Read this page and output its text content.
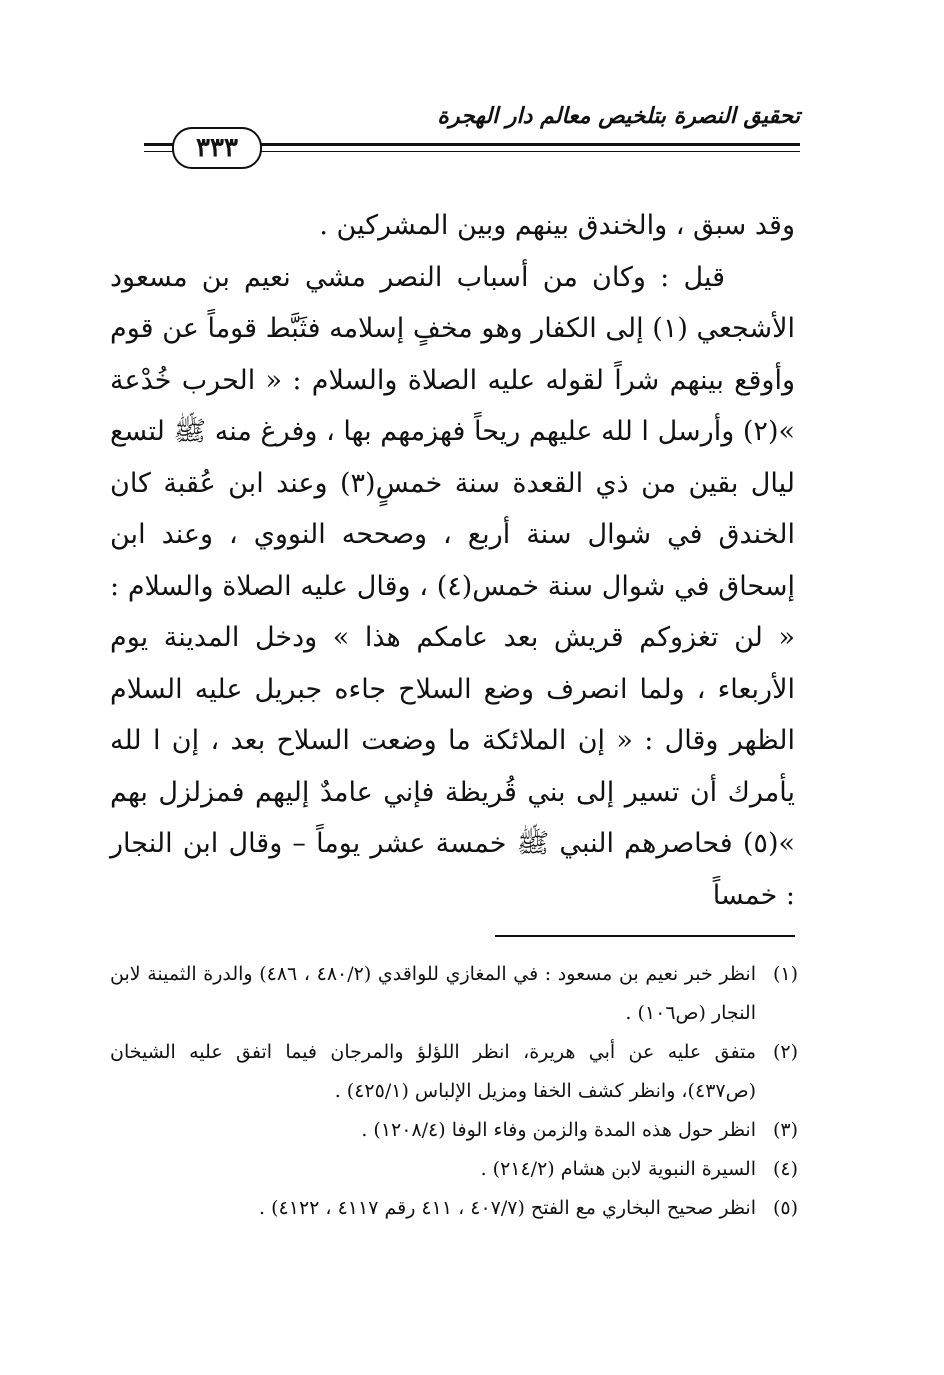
تحقيق النصرة بتلخيص معالم دار الهجرة
٣٣٣

وقد سبق ، والخندق بينهم وبين المشركين .

قيل : وكان من أسباب النصر مشي نعيم بن مسعود الأشجعي (١) إلى الكفار وهو مخفٍ إسلامه فثَبَّط قوماً عن قوم وأوقع بينهم شراً لقوله عليه الصلاة والسلام : « الحرب خُدْعة »(٢) وأرسل ا لله عليهم ريحاً فهزمهم بها ، وفرغ منه ﷺ لتسع ليال بقين من ذي القعدة سنة خمسٍ(٣) وعند ابن عُقبة كان الخندق في شوال سنة أربع ، وصححه النووي ، وعند ابن إسحاق في شوال سنة خمس(٤) ، وقال عليه الصلاة والسلام : « لن تغزوكم قريش بعد عامكم هذا » ودخل المدينة يوم الأربعاء ، ولما انصرف وضع السلاح جاءه جبريل عليه السلام الظهر وقال : « إن الملائكة ما وضعت السلاح بعد ، إن ا لله يأمرك أن تسير إلى بني قُريظة فإني عامدٌ إليهم فمزلزل بهم »(٥) فحاصرهم النبي ﷺ خمسة عشر يوماً – وقال ابن النجار : خمساً

(١)
انظر خبر نعيم بن مسعود : في المغازي للواقدي (٤٨٠/٢ ، ٤٨٦) والدرة الثمينة لابن النجار (ص١٠٦) .
(٢)
متفق عليه عن أبي هريرة، انظر اللؤلؤ والمرجان فيما اتفق عليه الشيخان (ص٤٣٧)، وانظر كشف الخفا ومزيل الإلباس (٤٢٥/١) .
(٣)
انظر حول هذه المدة والزمن وفاء الوفا (١٢٠٨/٤) .
(٤)
السيرة النبوية لابن هشام (٢١٤/٢) .
(٥)
انظر صحيح البخاري مع الفتح (٤٠٧/٧ ، ٤١١ رقم ٤١١٧ ، ٤١٢٢) .
